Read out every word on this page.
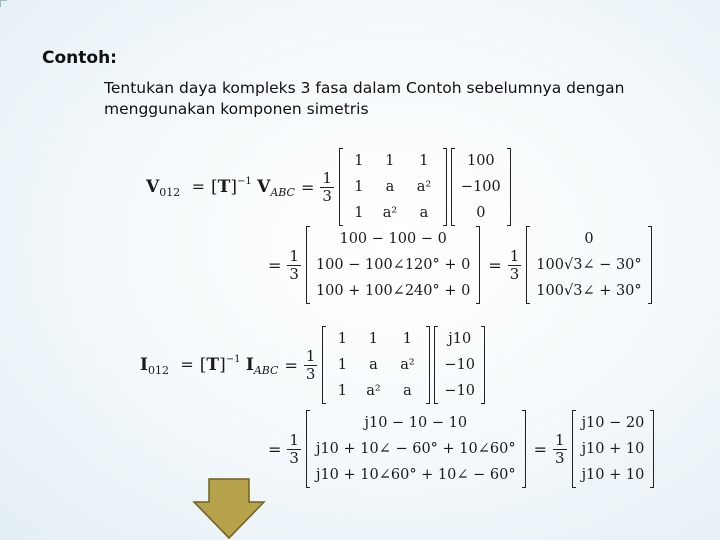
Contoh:
Tentukan daya kompleks 3 fasa dalam Contoh sebelumnya dengan
menggunakan komponen simetris
$V_{012} = [T]^{-1}$ $V_{ABC} = \frac{1}{3}$
1	1	1
1	a	a²
1	a²	a
100
−100
0
= $\frac{1}{3}$
100 − 100 − 0
100 − 100∠120° + 0
100 + 100∠240° + 0
= $\frac{1}{3}$
0
100√3∠ − 30°
100√3∠ + 30°
$I_{012} = [T]^{-1}$ $I_{ABC} = \frac{1}{3}$
1	1	1
1	a	a²
1	a²	a
j10
−10
−10
= $\frac{1}{3}$
j10 − 10 − 10
j10 + 10∠ − 60° + 10∠60°
j10 + 10∠60° + 10∠ − 60°
= $\frac{1}{3}$
j10 − 20
j10 + 10
j10 + 10
